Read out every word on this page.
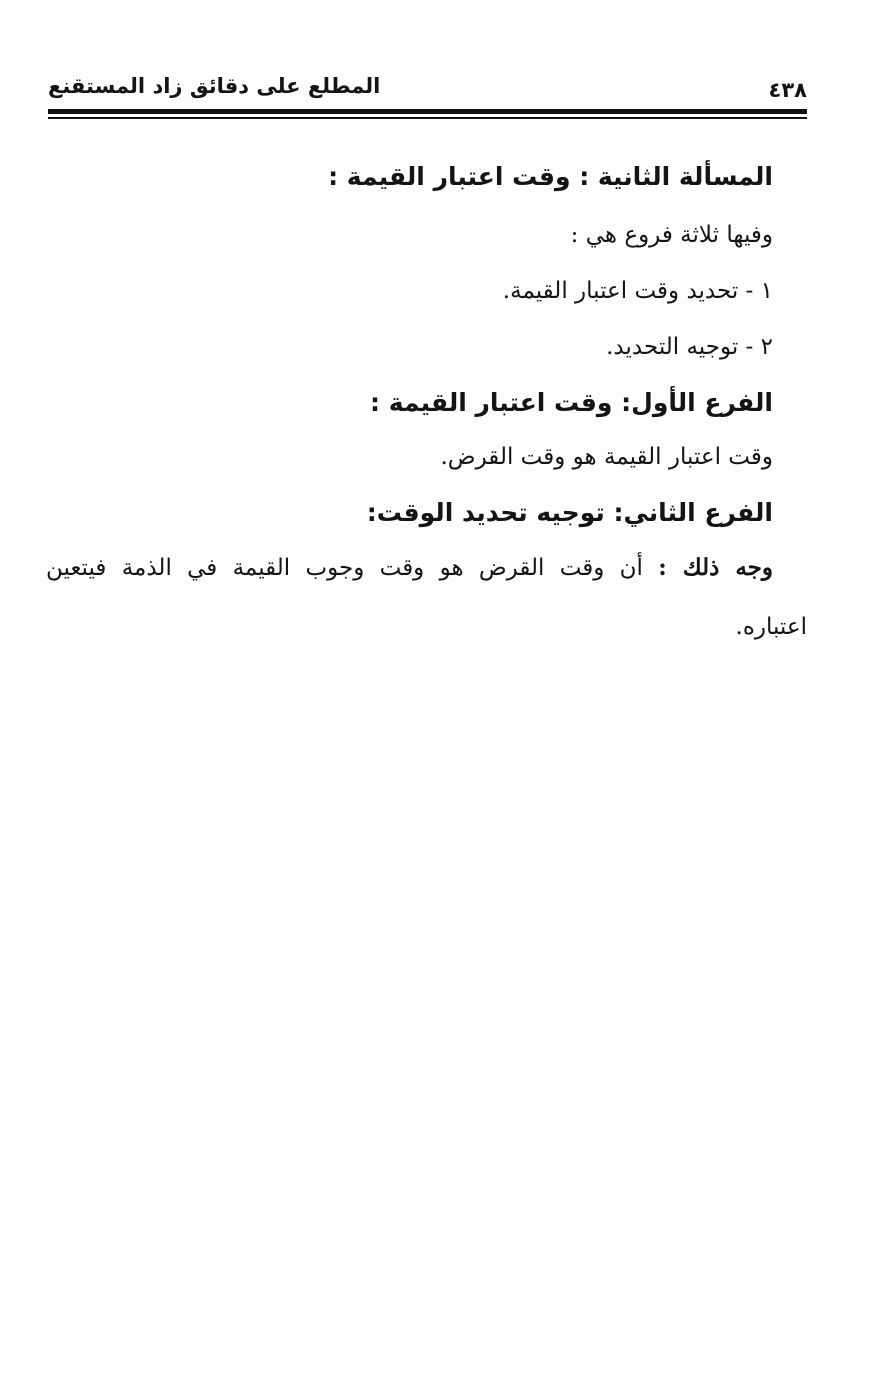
٤٣٨
المطلع على دقائق زاد المستقنع
المسألة الثانية : وقت اعتبار القيمة :
وفيها ثلاثة فروع هي :
١ - تحديد وقت اعتبار القيمة.
٢ - توجيه التحديد.
الفرع الأول: وقت اعتبار القيمة :
وقت اعتبار القيمة هو وقت القرض.
الفرع الثاني: توجيه تحديد الوقت:
وجه ذلك : أن وقت القرض هو وقت وجوب القيمة في الذمة فيتعين
اعتباره.
